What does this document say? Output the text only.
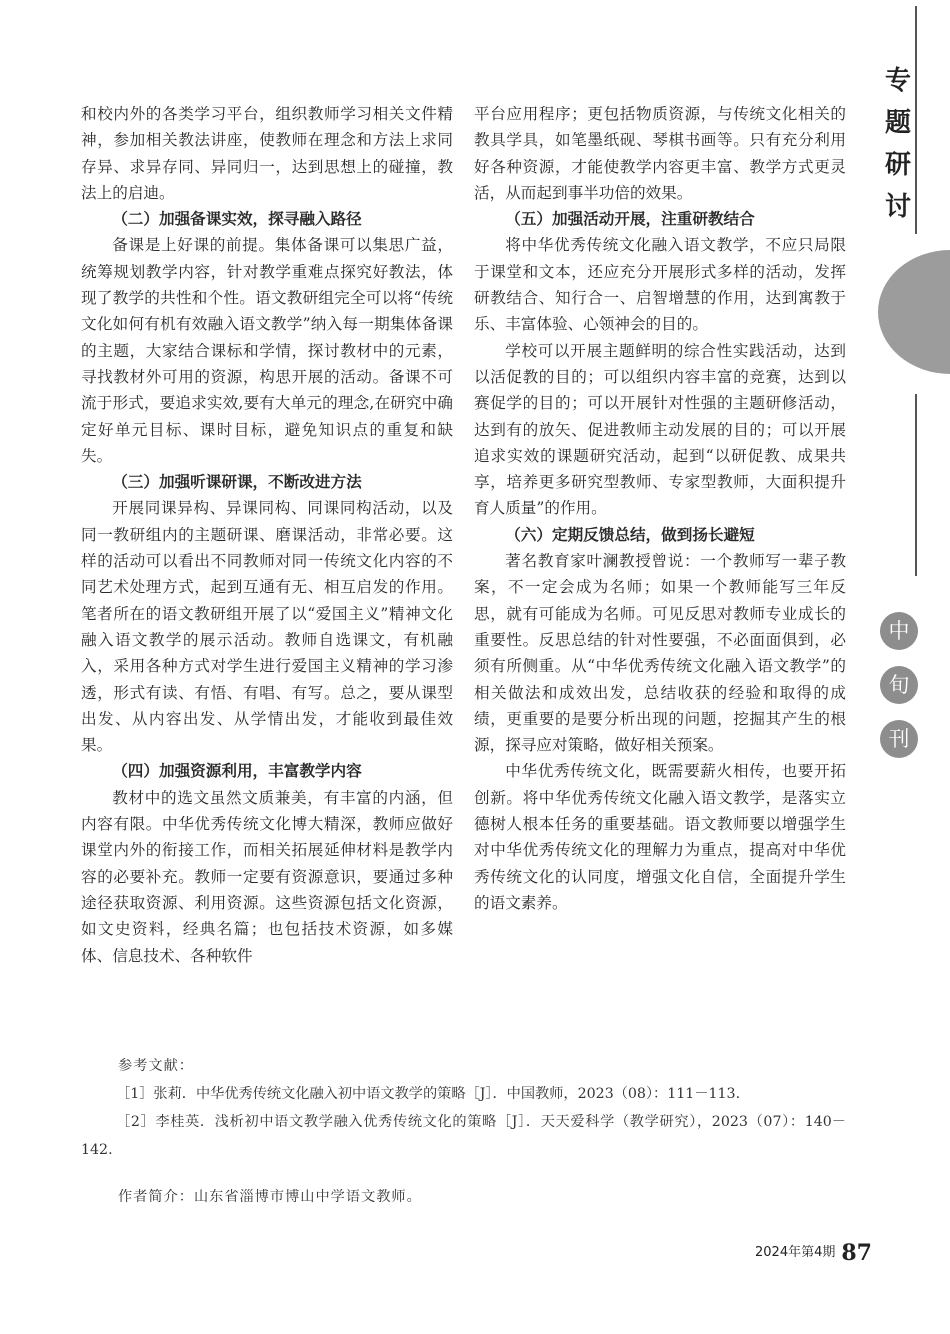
专
题
研
讨
中
旬
刊

和校内外的各类学习平台，组织教师学习相关文件精神，参加相关教法讲座，使教师在理念和方法上求同存异、求异存同、异同归一，达到思想上的碰撞，教法上的启迪。

（二）加强备课实效，探寻融入路径

备课是上好课的前提。集体备课可以集思广益，统筹规划教学内容，针对教学重难点探究好教法，体现了教学的共性和个性。语文教研组完全可以将“传统文化如何有机有效融入语文教学”纳入每一期集体备课的主题，大家结合课标和学情，探讨教材中的元素，寻找教材外可用的资源，构思开展的活动。备课不可流于形式，要追求实效,要有大单元的理念,在研究中确定好单元目标、课时目标，避免知识点的重复和缺失。

（三）加强听课研课，不断改进方法

开展同课异构、异课同构、同课同构活动，以及同一教研组内的主题研课、磨课活动，非常必要。这样的活动可以看出不同教师对同一传统文化内容的不同艺术处理方式，起到互通有无、相互启发的作用。笔者所在的语文教研组开展了以“爱国主义”精神文化融入语文教学的展示活动。教师自选课文，有机融入，采用各种方式对学生进行爱国主义精神的学习渗透，形式有读、有悟、有唱、有写。总之，要从课型出发、从内容出发、从学情出发，才能收到最佳效果。

（四）加强资源利用，丰富教学内容

教材中的选文虽然文质兼美，有丰富的内涵，但内容有限。中华优秀传统文化博大精深，教师应做好课堂内外的衔接工作，而相关拓展延伸材料是教学内容的必要补充。教师一定要有资源意识，要通过多种途径获取资源、利用资源。这些资源包括文化资源，如文史资料，经典名篇；也包括技术资源，如多媒体、信息技术、各种软件

平台应用程序；更包括物质资源，与传统文化相关的教具学具，如笔墨纸砚、琴棋书画等。只有充分利用好各种资源，才能使教学内容更丰富、教学方式更灵活，从而起到事半功倍的效果。

（五）加强活动开展，注重研教结合

将中华优秀传统文化融入语文教学，不应只局限于课堂和文本，还应充分开展形式多样的活动，发挥研教结合、知行合一、启智增慧的作用，达到寓教于乐、丰富体验、心领神会的目的。

学校可以开展主题鲜明的综合性实践活动，达到以活促教的目的；可以组织内容丰富的竞赛，达到以赛促学的目的；可以开展针对性强的主题研修活动，达到有的放矢、促进教师主动发展的目的；可以开展追求实效的课题研究活动，起到“以研促教、成果共享，培养更多研究型教师、专家型教师，大面积提升育人质量”的作用。

（六）定期反馈总结，做到扬长避短

著名教育家叶澜教授曾说：一个教师写一辈子教案，不一定会成为名师；如果一个教师能写三年反思，就有可能成为名师。可见反思对教师专业成长的重要性。反思总结的针对性要强，不必面面俱到，必须有所侧重。从“中华优秀传统文化融入语文教学”的相关做法和成效出发，总结收获的经验和取得的成绩，更重要的是要分析出现的问题，挖掘其产生的根源，探寻应对策略，做好相关预案。

中华优秀传统文化，既需要薪火相传，也要开拓创新。将中华优秀传统文化融入语文教学，是落实立德树人根本任务的重要基础。语文教师要以增强学生对中华优秀传统文化的理解力为重点，提高对中华优秀传统文化的认同度，增强文化自信，全面提升学生的语文素养。

参考文献：

［1］张莉．中华优秀传统文化融入初中语文教学的策略［J］．中国教师，2023（08）：111－113.

［2］李桂英．浅析初中语文教学融入优秀传统文化的策略［J］．天天爱科学（教学研究），2023（07）：140－142.

作者简介：山东省淄博市博山中学语文教师。
$^{2024年第4期}$ 87
